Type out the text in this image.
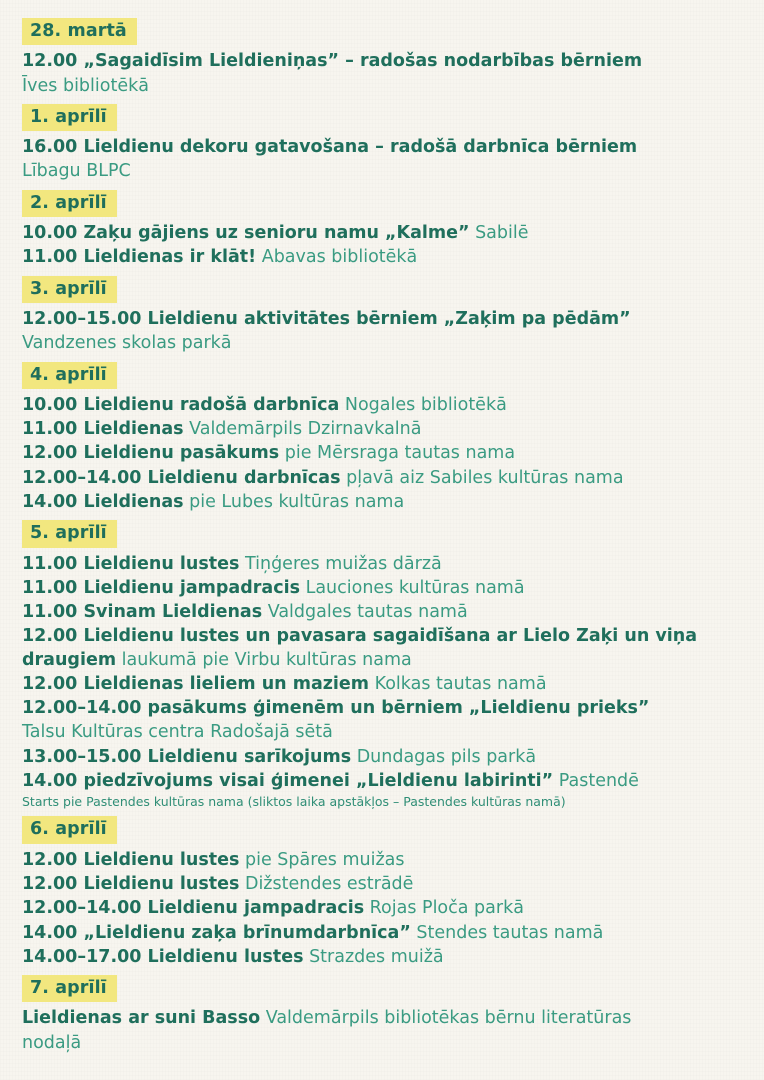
28. martā
12.00 „Sagaidīsim Lieldieniņas” – radošas nodarbības bērniem
Īves bibliotēkā
1. aprīlī
16.00 Lieldienu dekoru gatavošana – radošā darbnīca bērniem
Lībagu BLPC
2. aprīlī
10.00 Zaķu gājiens uz senioru namu „Kalme” Sabilē
11.00 Lieldienas ir klāt! Abavas bibliotēkā
3. aprīlī
12.00–15.00 Lieldienu aktivitātes bērniem „Zaķim pa pēdām”
Vandzenes skolas parkā
4. aprīlī
10.00 Lieldienu radošā darbnīca Nogales bibliotēkā
11.00 Lieldienas Valdemārpils Dzirnavkalnā
12.00 Lieldienu pasākums pie Mērsraga tautas nama
12.00–14.00 Lieldienu darbnīcas pļavā aiz Sabiles kultūras nama
14.00 Lieldienas pie Lubes kultūras nama
5. aprīlī
11.00 Lieldienu lustes Tiņģeres muižas dārzā
11.00 Lieldienu jampadracis Lauciones kultūras namā
11.00 Svinam Lieldienas Valdgales tautas namā
12.00 Lieldienu lustes un pavasara sagaidīšana ar Lielo Zaķi un viņa draugiem laukumā pie Virbu kultūras nama
12.00 Lieldienas lieliem un maziem Kolkas tautas namā
12.00–14.00 pasākums ģimenēm un bērniem „Lieldienu prieks”
Talsu Kultūras centra Radošajā sētā
13.00–15.00 Lieldienu sarīkojums Dundagas pils parkā
14.00 piedzīvojums visai ģimenei „Lieldienu labirinti” Pastendē
Starts pie Pastendes kultūras nama (sliktos laika apstākļos – Pastendes kultūras namā)
6. aprīlī
12.00 Lieldienu lustes pie Spāres muižas
12.00 Lieldienu lustes Dižstendes estrādē
12.00–14.00 Lieldienu jampadracis Rojas Ploča parkā
14.00 „Lieldienu zaķa brīnumdarbnīca” Stendes tautas namā
14.00–17.00 Lieldienu lustes Strazdes muižā
7. aprīlī
Lieldienas ar suni Basso Valdemārpils bibliotēkas bērnu literatūras
nodaļā
